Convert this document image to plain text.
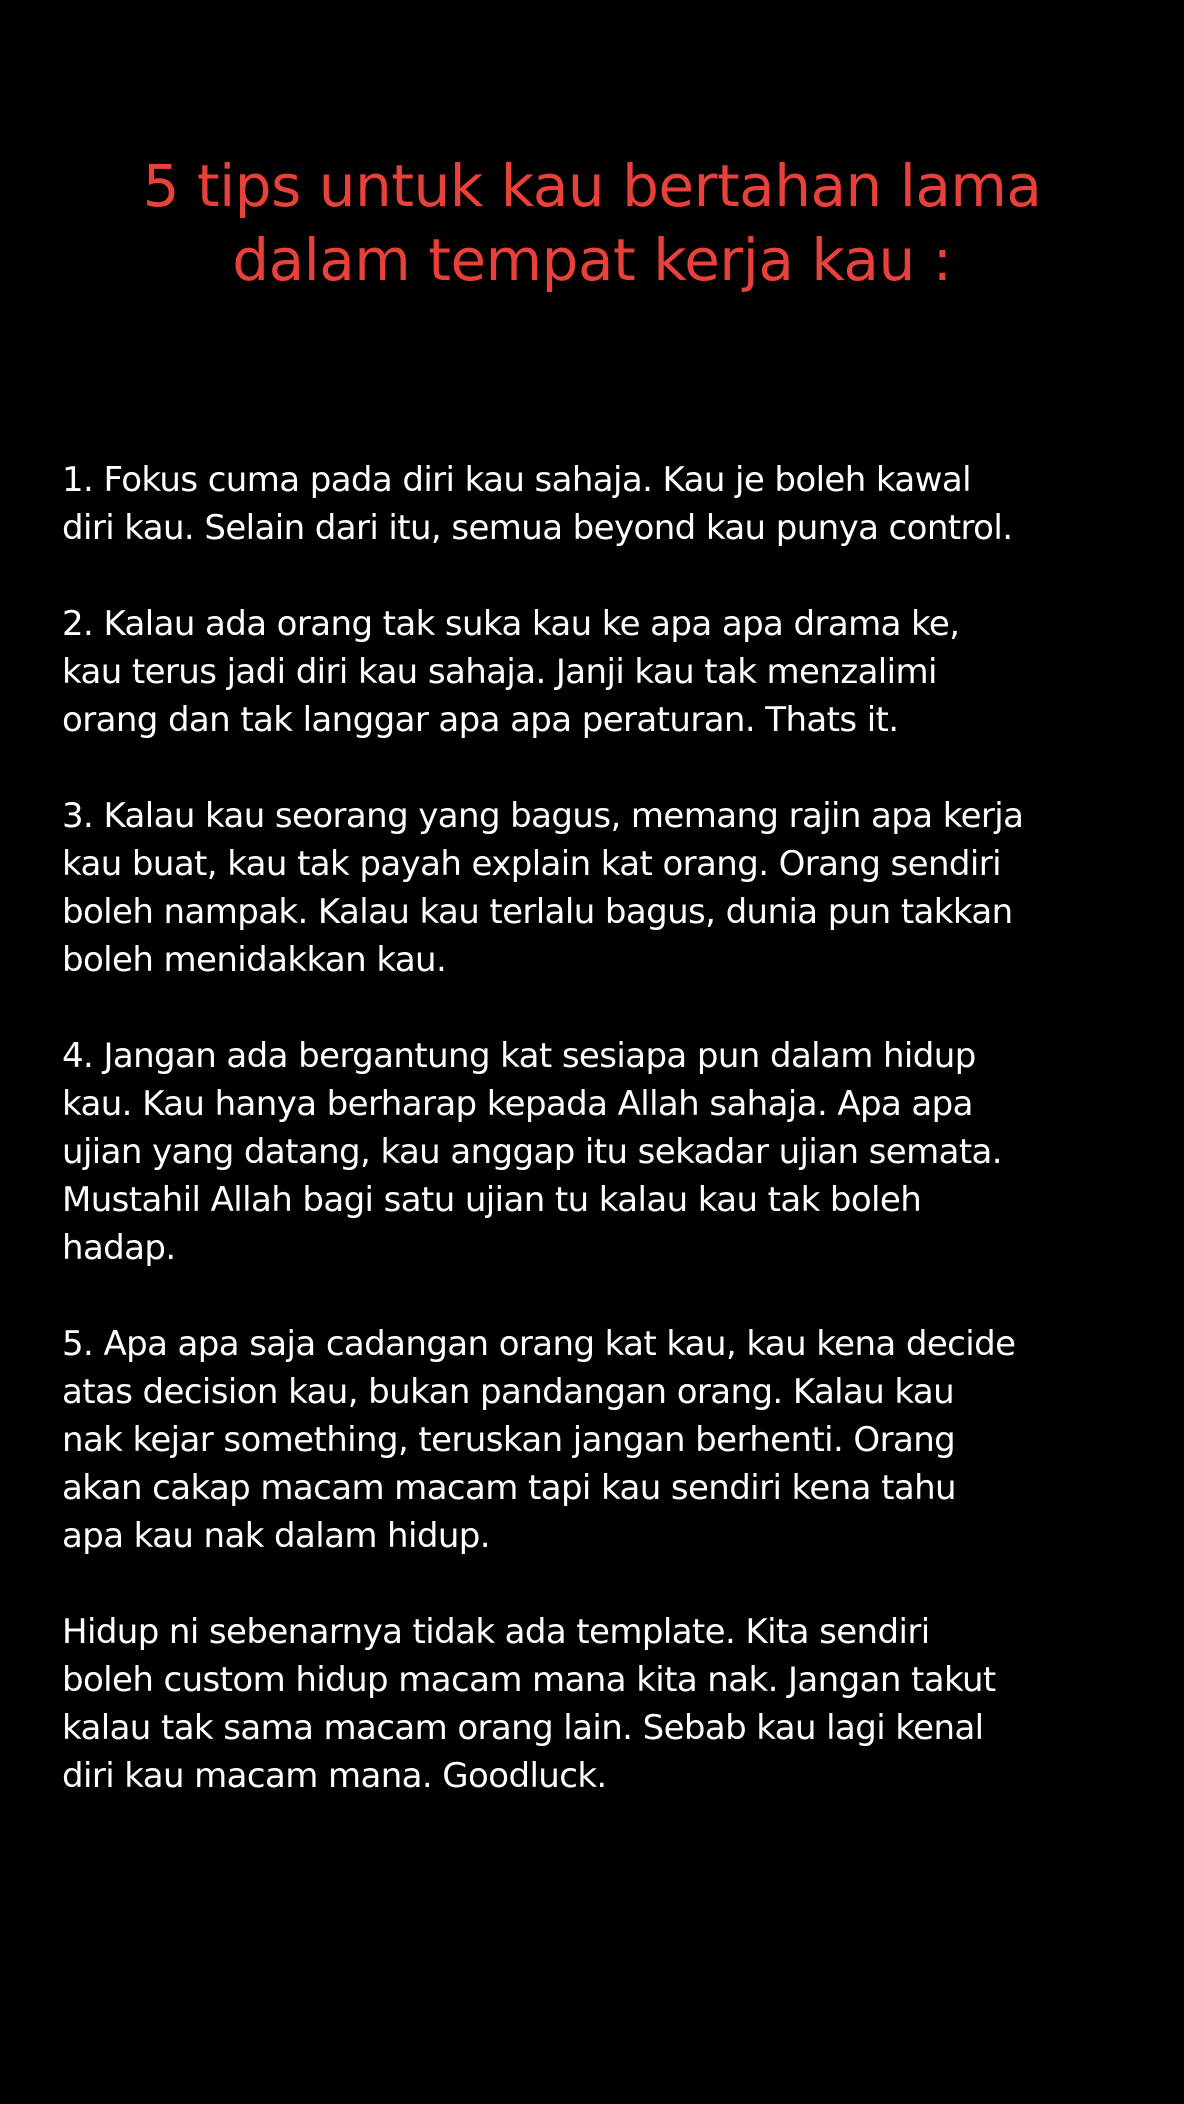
5 tips untuk kau bertahan lama
dalam tempat kerja kau :

1. Fokus cuma pada diri kau sahaja. Kau je boleh kawal
diri kau. Selain dari itu, semua beyond kau punya control.

2. Kalau ada orang tak suka kau ke apa apa drama ke,
kau terus jadi diri kau sahaja. Janji kau tak menzalimi
orang dan tak langgar apa apa peraturan. Thats it.

3. Kalau kau seorang yang bagus, memang rajin apa kerja
kau buat, kau tak payah explain kat orang. Orang sendiri
boleh nampak. Kalau kau terlalu bagus, dunia pun takkan
boleh menidakkan kau.

4. Jangan ada bergantung kat sesiapa pun dalam hidup
kau. Kau hanya berharap kepada Allah sahaja. Apa apa
ujian yang datang, kau anggap itu sekadar ujian semata.
Mustahil Allah bagi satu ujian tu kalau kau tak boleh
hadap.

5. Apa apa saja cadangan orang kat kau, kau kena decide
atas decision kau, bukan pandangan orang. Kalau kau
nak kejar something, teruskan jangan berhenti. Orang
akan cakap macam macam tapi kau sendiri kena tahu
apa kau nak dalam hidup.

Hidup ni sebenarnya tidak ada template. Kita sendiri
boleh custom hidup macam mana kita nak. Jangan takut
kalau tak sama macam orang lain. Sebab kau lagi kenal
diri kau macam mana. Goodluck.
